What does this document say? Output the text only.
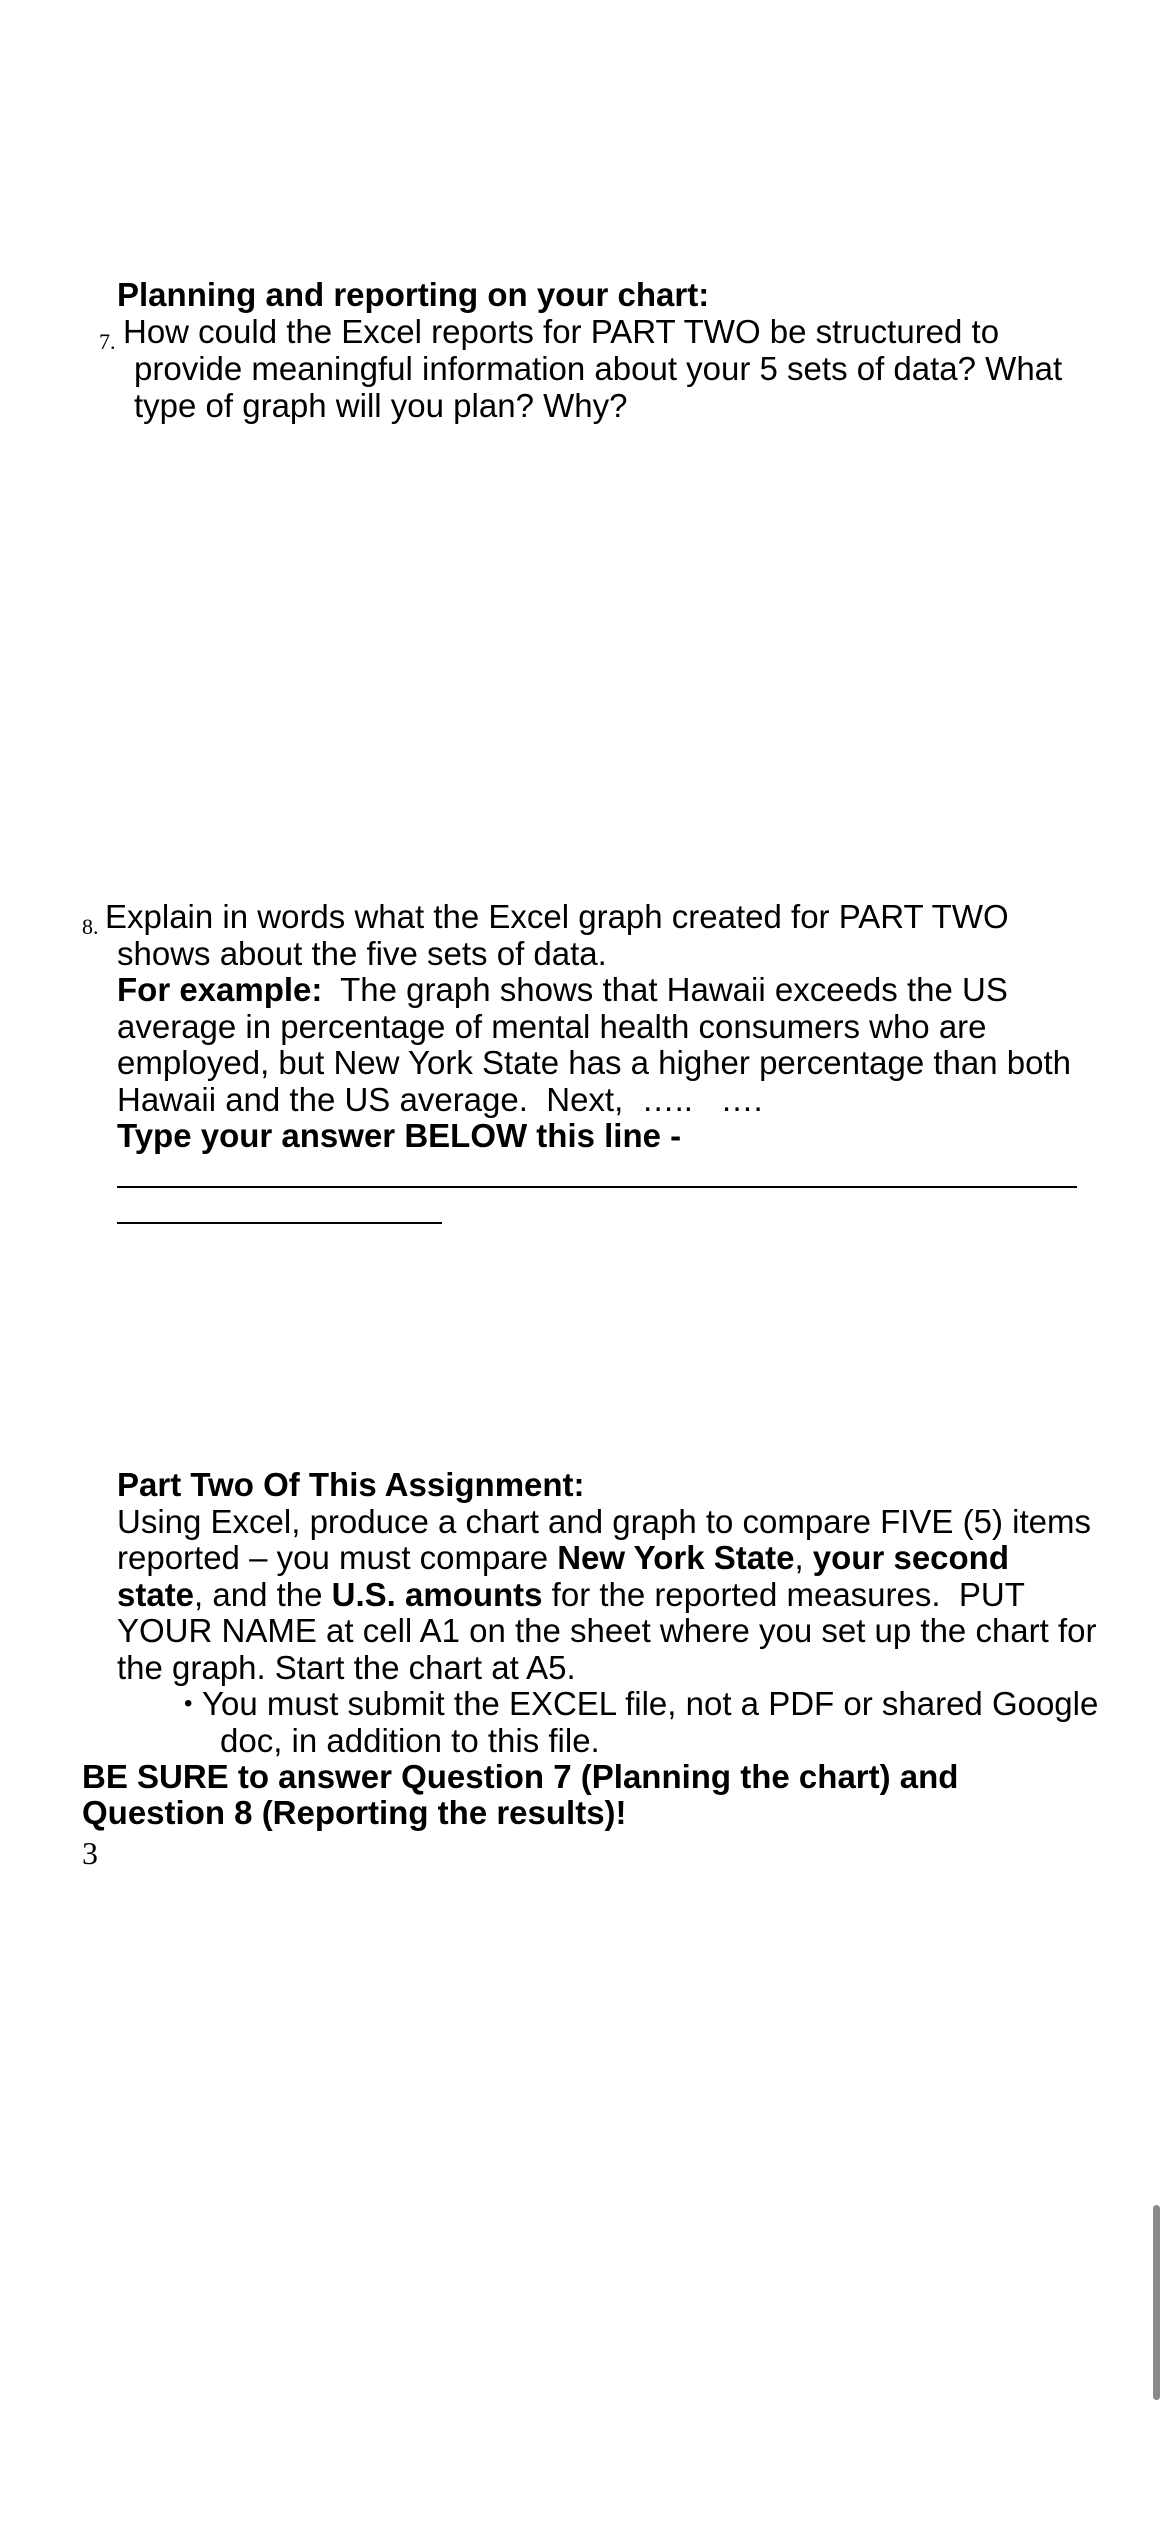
Planning and reporting on your chart:
7. How could the Excel reports for PART TWO be structured to
provide meaningful information about your 5 sets of data? What
type of graph will you plan? Why?
8. Explain in words what the Excel graph created for PART TWO
shows about the five sets of data.
For example:  The graph shows that Hawaii exceeds the US
average in percentage of mental health consumers who are
employed, but New York State has a higher percentage than both
Hawaii and the US average.  Next,  …..   ….
Type your answer BELOW this line -
Part Two Of This Assignment:
Using Excel, produce a chart and graph to compare FIVE (5) items
reported – you must compare New York State, your second
state, and the U.S. amounts for the reported measures.  PUT
YOUR NAME at cell A1 on the sheet where you set up the chart for
the graph. Start the chart at A5.
• You must submit the EXCEL file, not a PDF or shared Google
doc, in addition to this file.
BE SURE to answer Question 7 (Planning the chart) and
Question 8 (Reporting the results)!
3
